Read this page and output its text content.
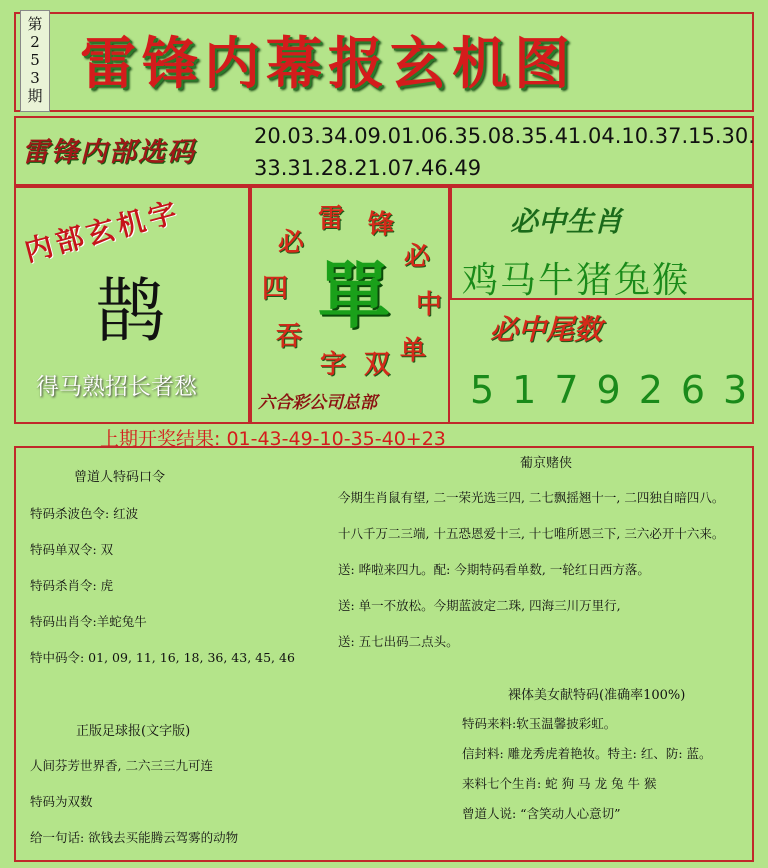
第
2
5
3
期 雷锋内幕报玄机图
雷锋内部选码
20.03.34.09.01.06.35.08.35.41.04.10.37.15.30.
33.31.28.21.07.46.49
内部玄机字
鹊
得马熟招长者愁
雷 锋
必
中
单
双
字
吞
四
必
單
六合彩公司总部
必中生肖
鸡马牛猪兔猴
必中尾数
5179263
上期开奖结果: 01-43-49-10-35-40+23
曾道人特码口令
特码杀波色令: 红波
特码单双令: 双
特码杀肖令: 虎
特码出肖令:羊蛇兔牛
特中码令: 01, 09, 11, 16, 18, 36, 43, 45, 46
正版足球报(文字版)
人间芬芳世界香, 二六三三九可连
特码为双数
给一句话: 欲钱去买能腾云驾雾的动物
葡京赌侠
今期生肖鼠有望, 二一荣光选三四, 二七飘摇翘十一, 二四独自暗四八。
十八千万二三端, 十五恐恩爱十三, 十七唯所恩三下, 三六必开十六来。
送: 哗啦来四九。配: 今期特码看单数, 一轮红日西方落。
送: 单一不放松。今期蓝波定二珠, 四海三川万里行,
送: 五七出码二点头。
裸体美女献特码(准确率100%)
特码来料:软玉温馨披彩虹。
信封料: 雕龙秀虎着艳妆。特主: 红、防: 蓝。
来料七个生肖: 蛇 狗 马 龙 兔 牛 猴
曾道人说: “含笑动人心意切”
